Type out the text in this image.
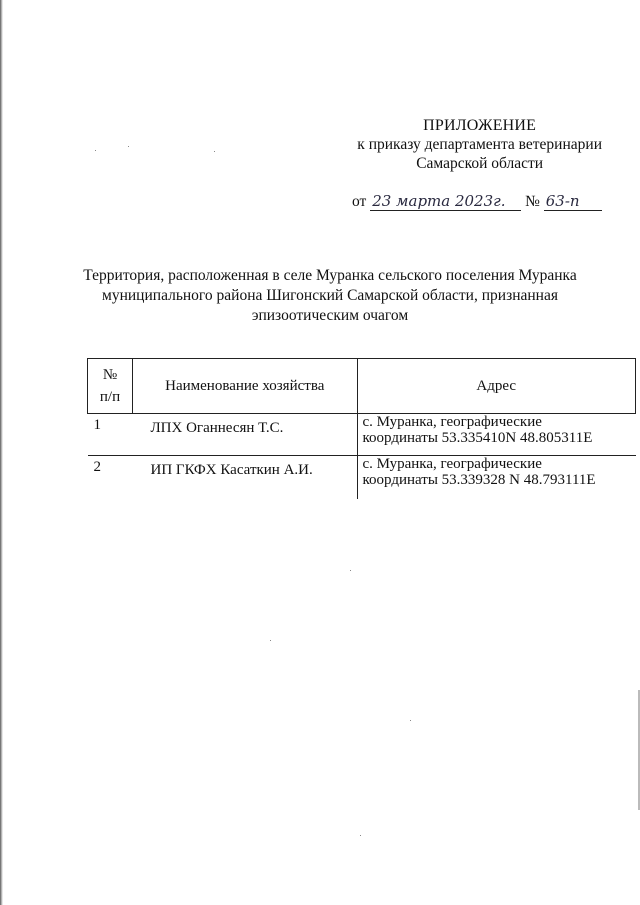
ПРИЛОЖЕНИЕ
к приказу департамента ветеринарии
Самарской области
от 23 марта 2023г. № 63-п
Территория, расположенная в селе Муранка сельского поселения Муранка
муниципального района Шигонский Самарской области, признанная
эпизоотическим очагом
№
п/п	Наименование хозяйства	Адрес
1	ЛПХ Оганнесян Т.С.	с. Муранка, географические
координаты 53.335410N 48.805311E

2	ИП ГКФХ Касаткин А.И.	с. Муранка, географические
координаты 53.339328 N 48.793111E
